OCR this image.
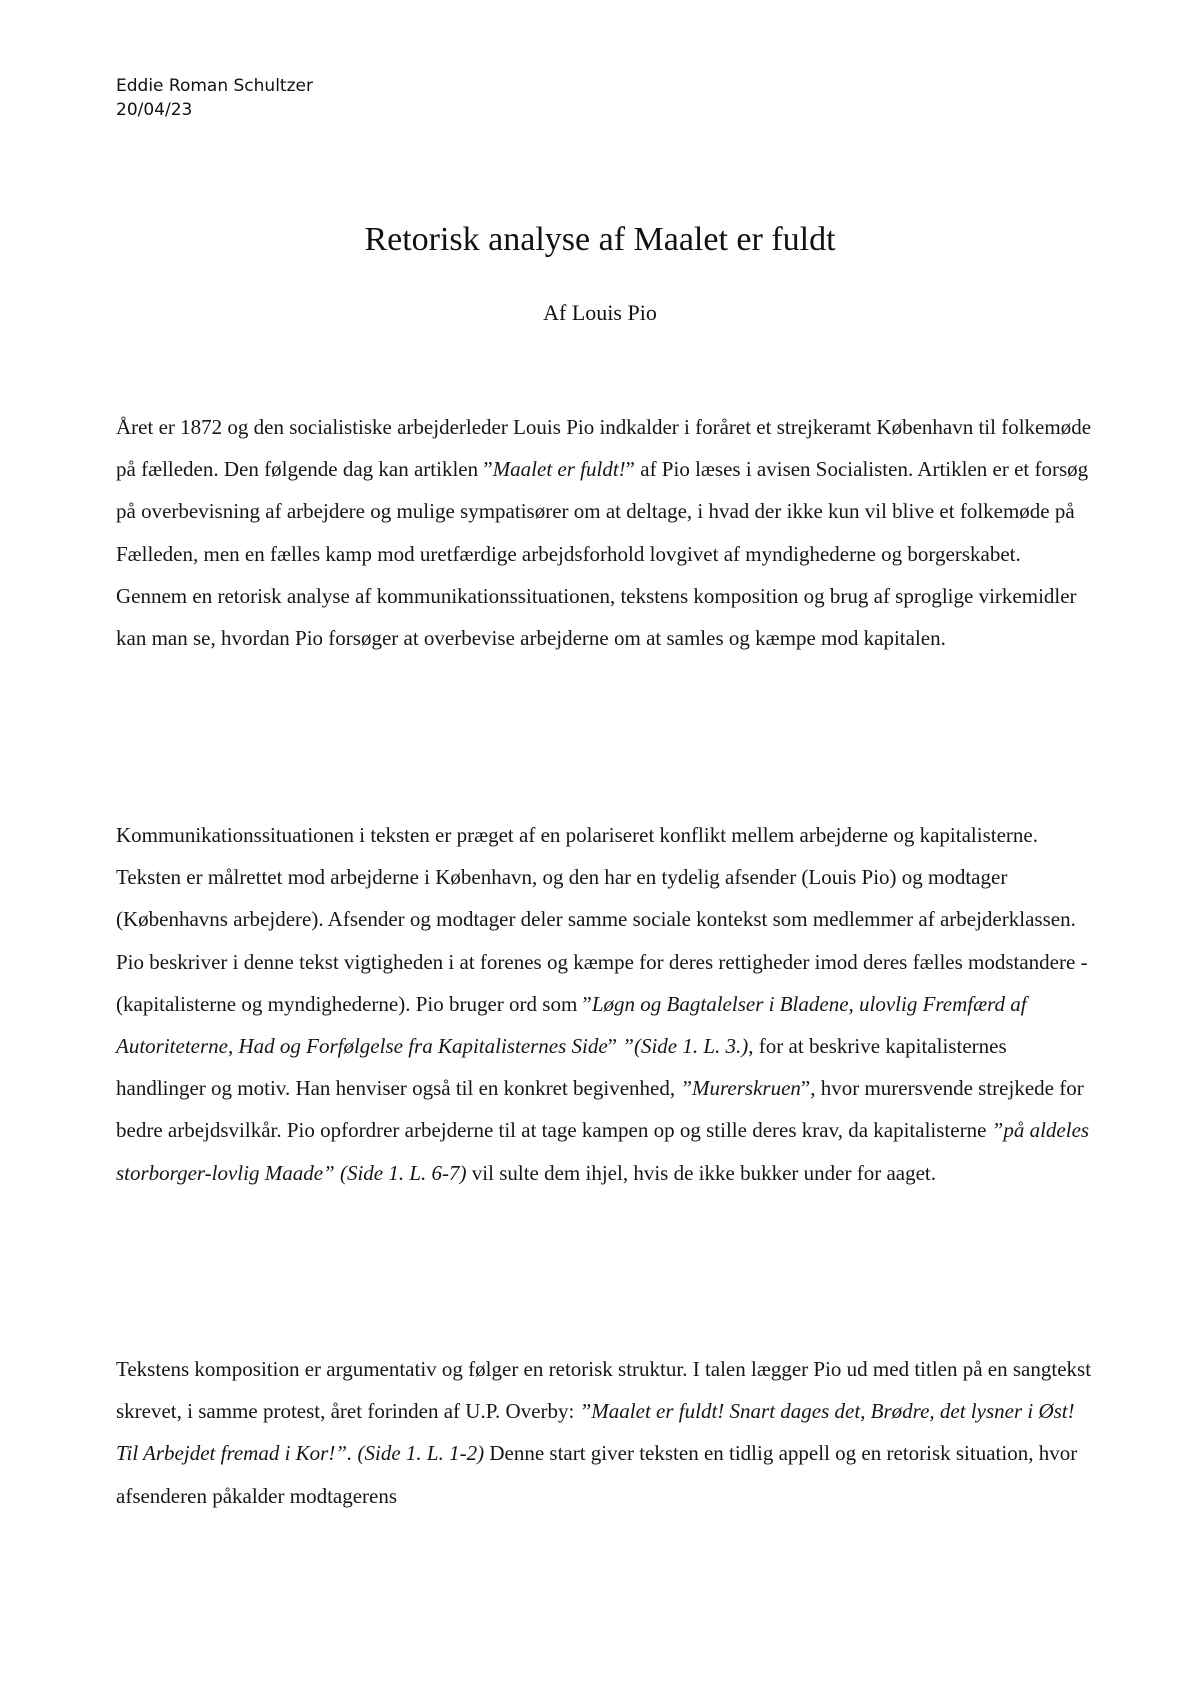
Eddie Roman Schultzer
20/04/23
Retorisk analyse af Maalet er fuldt
Af Louis Pio

Året er 1872 og den socialistiske arbejderleder Louis Pio indkalder i foråret et strejkeramt København til folkemøde på fælleden. Den følgende dag kan artiklen ”Maalet er fuldt!” af Pio læses i avisen Socialisten. Artiklen er et forsøg på overbevisning af arbejdere og mulige sympatisører om at deltage, i hvad der ikke kun vil blive et folkemøde på Fælleden, men en fælles kamp mod uretfærdige arbejdsforhold lovgivet af myndighederne og borgerskabet. Gennem en retorisk analyse af kommunikationssituationen, tekstens komposition og brug af sproglige virkemidler kan man se, hvordan Pio forsøger at overbevise arbejderne om at samles og kæmpe mod kapitalen.

Kommunikationssituationen i teksten er præget af en polariseret konflikt mellem arbejderne og kapitalisterne. Teksten er målrettet mod arbejderne i København, og den har en tydelig afsender (Louis Pio) og modtager (Københavns arbejdere). Afsender og modtager deler samme sociale kontekst som medlemmer af arbejderklassen. Pio beskriver i denne tekst vigtigheden i at forenes og kæmpe for deres rettigheder imod deres fælles modstandere - (kapitalisterne og myndighederne). Pio bruger ord som ”Løgn og Bagtalelser i Bladene, ulovlig Fremfærd af Autoriteterne, Had og Forfølgelse fra Kapitalisternes Side” ”(Side 1. L. 3.), for at beskrive kapitalisternes handlinger og motiv. Han henviser også til en konkret begivenhed, ”Murerskruen”, hvor murersvende strejkede for bedre arbejdsvilkår. Pio opfordrer arbejderne til at tage kampen op og stille deres krav, da kapitalisterne ”på aldeles storborger-lovlig Maade” (Side 1. L. 6-7) vil sulte dem ihjel, hvis de ikke bukker under for aaget.

Tekstens komposition er argumentativ og følger en retorisk struktur. I talen lægger Pio ud med titlen på en sangtekst skrevet, i samme protest, året forinden af U.P. Overby: ”Maalet er fuldt! Snart dages det, Brødre, det lysner i Øst! Til Arbejdet fremad i Kor!”. (Side 1. L. 1-2) Denne start giver teksten en tidlig appell og en retorisk situation, hvor afsenderen påkalder modtagerens
